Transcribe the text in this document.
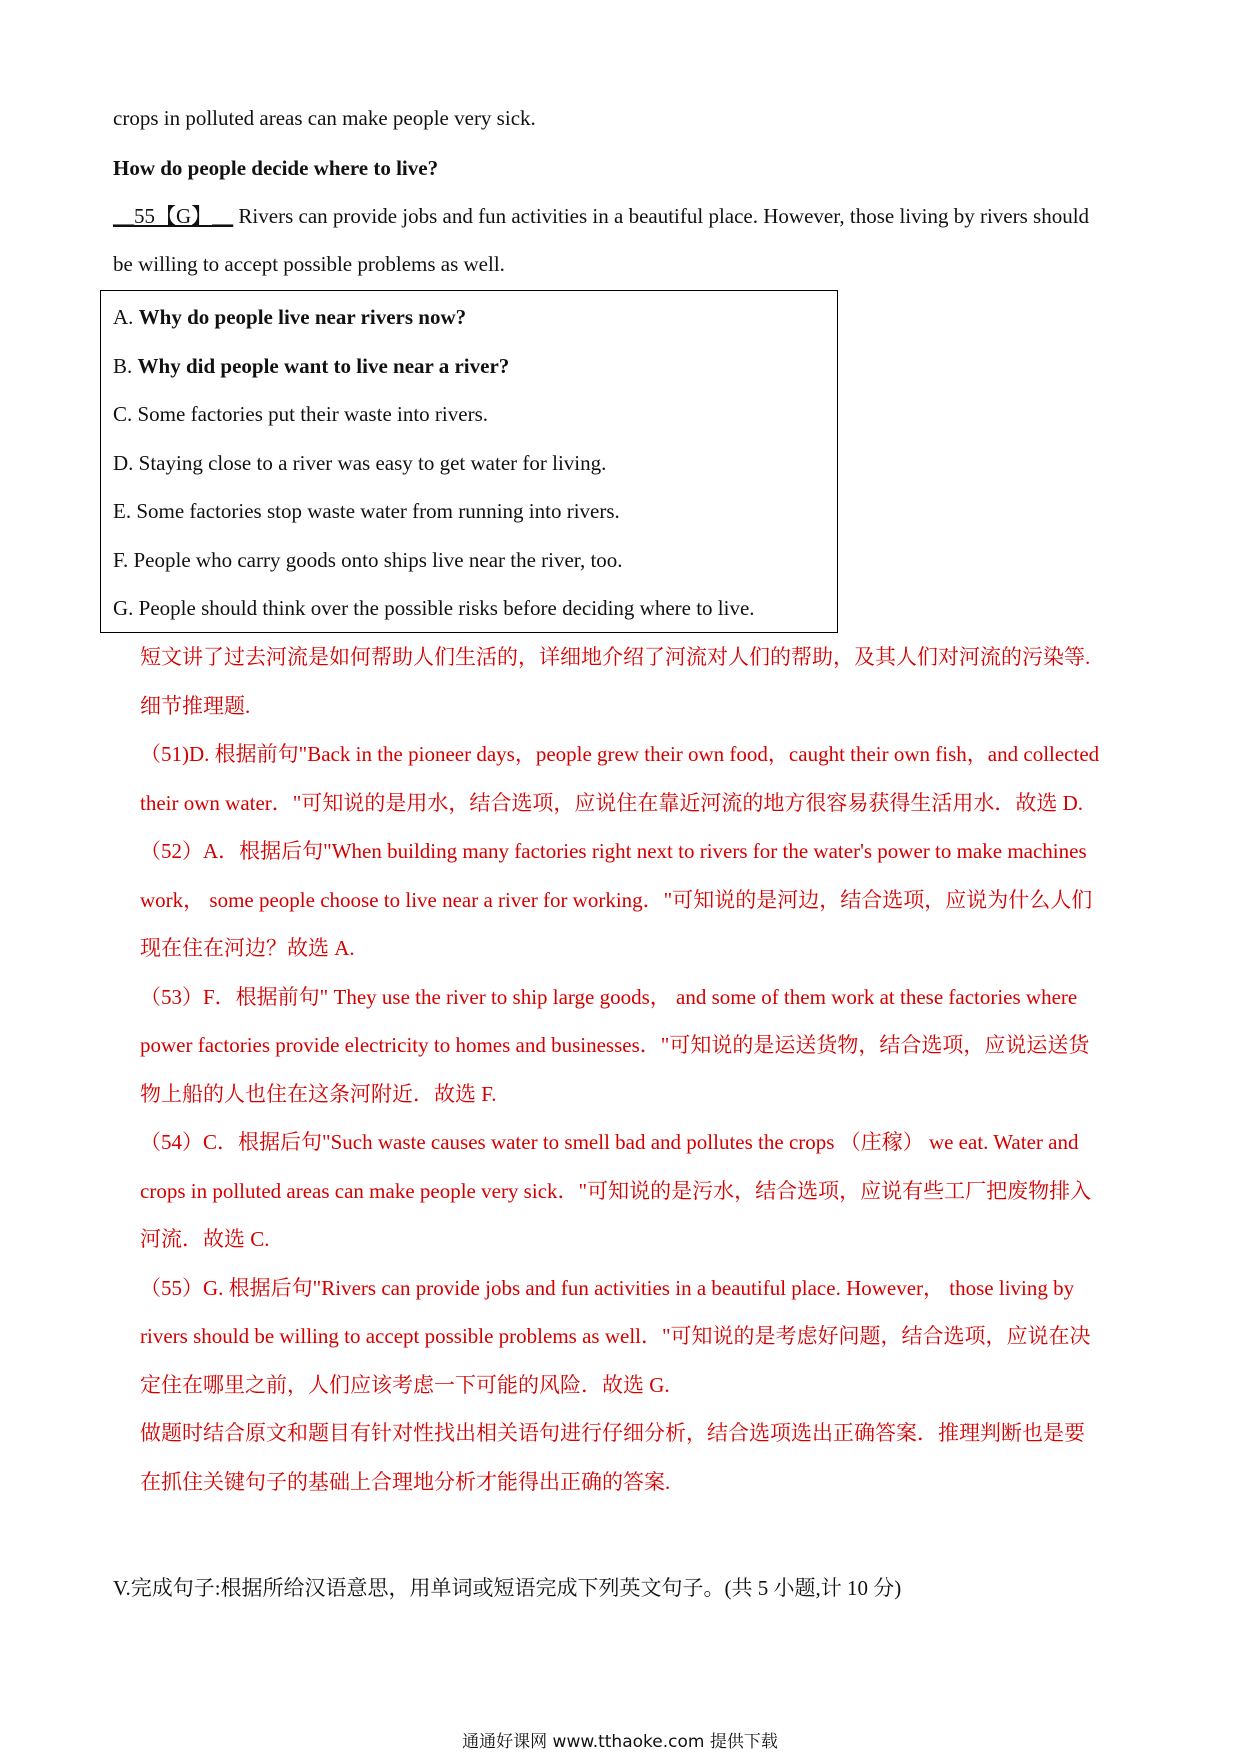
crops in polluted areas can make people very sick.
How do people decide where to live?
__55【G】__ Rivers can provide jobs and fun activities in a beautiful place. However, those living by rivers should
be willing to accept possible problems as well.
A. Why do people live near rivers now?
B. Why did people want to live near a river?
C. Some factories put their waste into rivers.
D. Staying close to a river was easy to get water for living.
E. Some factories stop waste water from running into rivers.
F. People who carry goods onto ships live near the river, too.
G. People should think over the possible risks before deciding where to live.
短文讲了过去河流是如何帮助人们生活的，详细地介绍了河流对人们的帮助，及其人们对河流的污染等.
细节推理题.
（51)D. 根据前句"Back in the pioneer days，people grew their own food，caught their own fish，and collected
their own water．"可知说的是用水，结合选项，应说住在靠近河流的地方很容易获得生活用水．故选 D.
（52）A．根据后句"When building many factories right next to rivers for the water's power to make machines
work， some people choose to live near a river for working．"可知说的是河边，结合选项，应说为什么人们
现在住在河边？故选 A.
（53）F．根据前句" They use the river to ship large goods， and some of them work at these factories where
power factories provide electricity to homes and businesses．"可知说的是运送货物，结合选项，应说运送货
物上船的人也住在这条河附近．故选 F.
（54）C．根据后句"Such waste causes water to smell bad and pollutes the crops （庄稼） we eat. Water and
crops in polluted areas can make people very sick．"可知说的是污水，结合选项，应说有些工厂把废物排入
河流．故选 C.
（55）G. 根据后句"Rivers can provide jobs and fun activities in a beautiful place. However， those living by
rivers should be willing to accept possible problems as well．"可知说的是考虑好问题，结合选项，应说在决
定住在哪里之前，人们应该考虑一下可能的风险．故选 G.
做题时结合原文和题目有针对性找出相关语句进行仔细分析，结合选项选出正确答案．推理判断也是要
在抓住关键句子的基础上合理地分析才能得出正确的答案.
V.完成句子:根据所给汉语意思，用单词或短语完成下列英文句子。(共 5 小题,计 10 分)
通通好课网 www.tthaoke.com 提供下载
